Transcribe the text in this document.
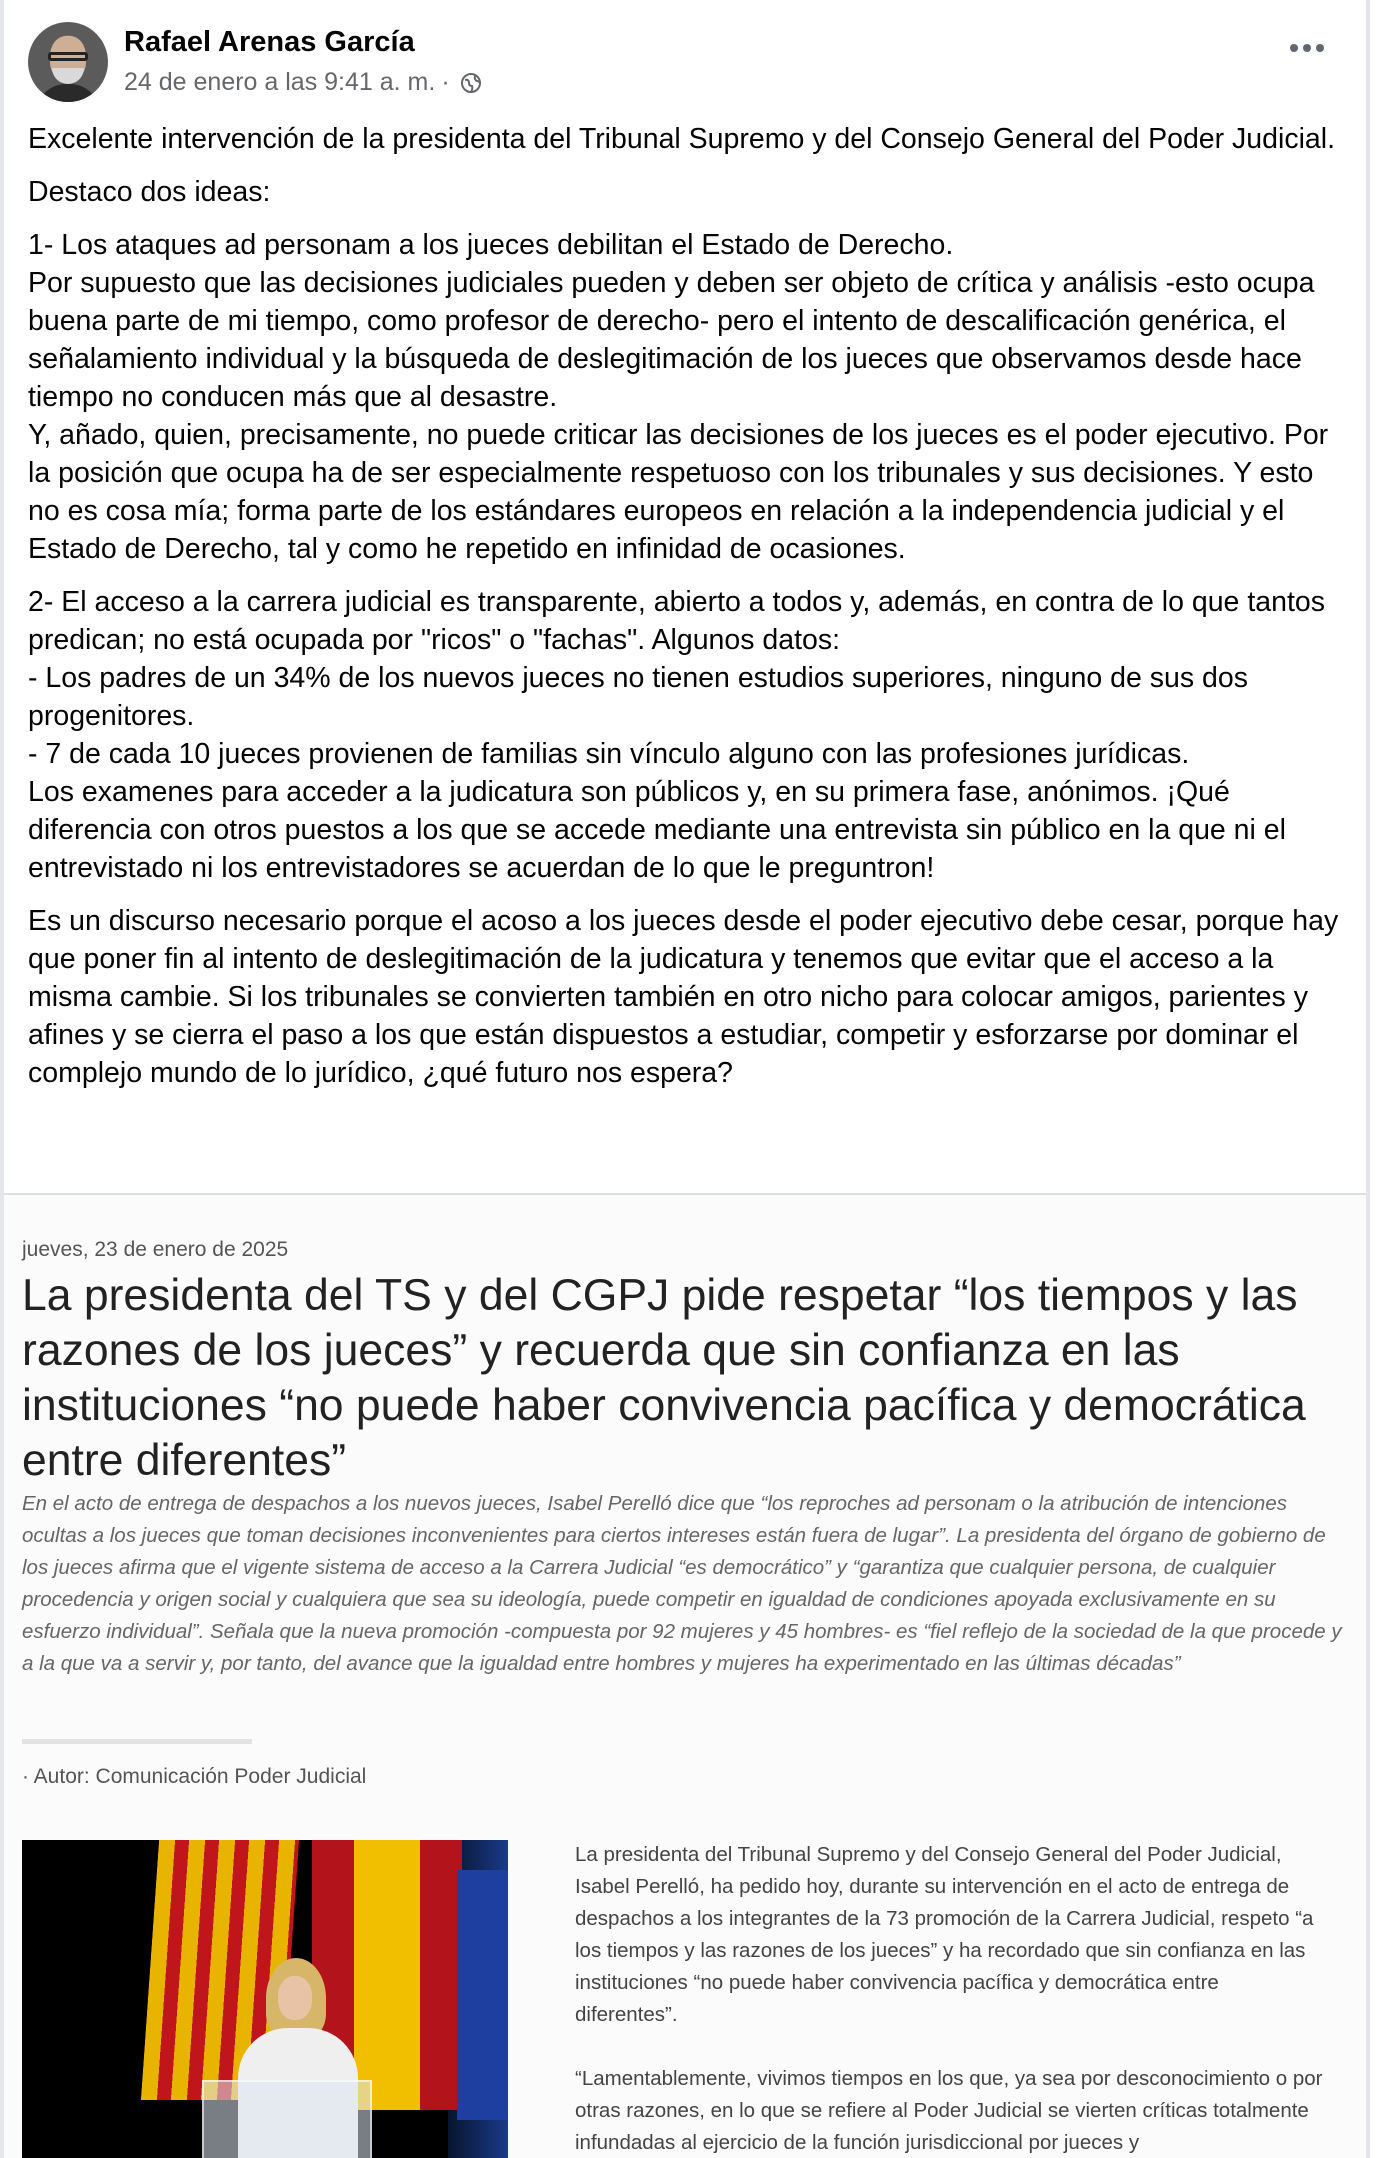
Rafael Arenas García
24 de enero a las 9:41 a. m. ·

Excelente intervención de la presidenta del Tribunal Supremo y del Consejo General del Poder Judicial.

Destaco dos ideas:

1- Los ataques ad personam a los jueces debilitan el Estado de Derecho.
Por supuesto que las decisiones judiciales pueden y deben ser objeto de crítica y análisis -esto ocupa buena parte de mi tiempo, como profesor de derecho- pero el intento de descalificación genérica, el señalamiento individual y la búsqueda de deslegitimación de los jueces que observamos desde hace tiempo no conducen más que al desastre.
Y, añado, quien, precisamente, no puede criticar las decisiones de los jueces es el poder ejecutivo. Por la posición que ocupa ha de ser especialmente respetuoso con los tribunales y sus decisiones. Y esto no es cosa mía; forma parte de los estándares europeos en relación a la independencia judicial y el Estado de Derecho, tal y como he repetido en infinidad de ocasiones.

2- El acceso a la carrera judicial es transparente, abierto a todos y, además, en contra de lo que tantos predican; no está ocupada por "ricos" o "fachas". Algunos datos:
- Los padres de un 34% de los nuevos jueces no tienen estudios superiores, ninguno de sus dos progenitores.
- 7 de cada 10 jueces provienen de familias sin vínculo alguno con las profesiones jurídicas.
Los examenes para acceder a la judicatura son públicos y, en su primera fase, anónimos. ¡Qué diferencia con otros puestos a los que se accede mediante una entrevista sin público en la que ni el entrevistado ni los entrevistadores se acuerdan de lo que le preguntron!

Es un discurso necesario porque el acoso a los jueces desde el poder ejecutivo debe cesar, porque hay que poner fin al intento de deslegitimación de la judicatura y tenemos que evitar que el acceso a la misma cambie. Si los tribunales se convierten también en otro nicho para colocar amigos, parientes y afines y se cierra el paso a los que están dispuestos a estudiar, competir y esforzarse por dominar el complejo mundo de lo jurídico, ¿qué futuro nos espera?

jueves, 23 de enero de 2025
La presidenta del TS y del CGPJ pide respetar “los tiempos y las razones de los jueces” y recuerda que sin confianza en las instituciones “no puede haber convivencia pacífica y democrática entre diferentes”
En el acto de entrega de despachos a los nuevos jueces, Isabel Perelló dice que “los reproches ad personam o la atribución de intenciones ocultas a los jueces que toman decisiones inconvenientes para ciertos intereses están fuera de lugar”. La presidenta del órgano de gobierno de los jueces afirma que el vigente sistema de acceso a la Carrera Judicial “es democrático” y “garantiza que cualquier persona, de cualquier procedencia y origen social y cualquiera que sea su ideología, puede competir en igualdad de condiciones apoyada exclusivamente en su esfuerzo individual”. Señala que la nueva promoción -compuesta por 92 mujeres y 45 hombres- es “fiel reflejo de la sociedad de la que procede y a la que va a servir y, por tanto, del avance que la igualdad entre hombres y mujeres ha experimentado en las últimas décadas”
· Autor: Comunicación Poder Judicial

La presidenta del Tribunal Supremo y del Consejo General del Poder Judicial, Isabel Perelló, ha pedido hoy, durante su intervención en el acto de entrega de despachos a los integrantes de la 73 promoción de la Carrera Judicial, respeto “a los tiempos y las razones de los jueces” y ha recordado que sin confianza en las instituciones “no puede haber convivencia pacífica y democrática entre diferentes”.

“Lamentablemente, vivimos tiempos en los que, ya sea por desconocimiento o por otras razones, en lo que se refiere al Poder Judicial se vierten críticas totalmente infundadas al ejercicio de la función jurisdiccional por jueces y
